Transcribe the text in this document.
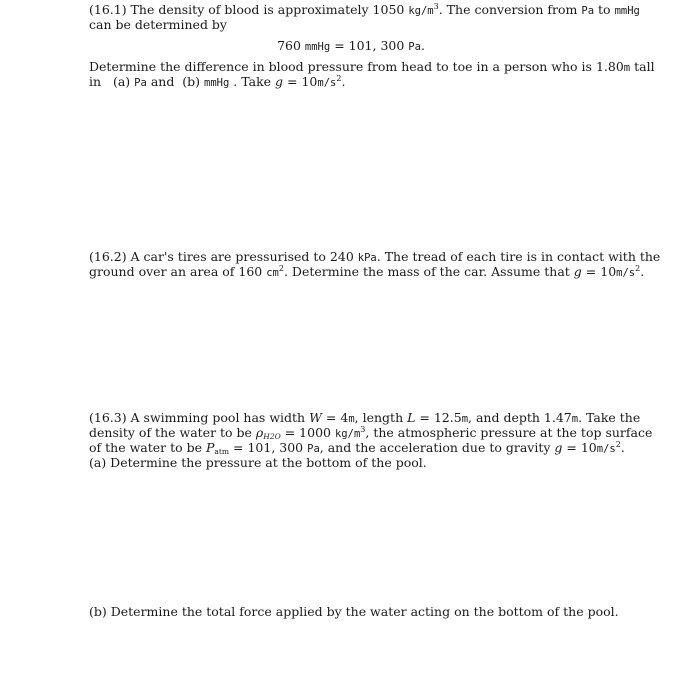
(16.1) The density of blood is approximately 1050 $kg/m^3$. The conversion from Pa to mmHg
can be determined by
760 mmHg = 101, 300 Pa.
Determine the difference in blood pressure from head to toe in a person who is 1.80m tall
in   (a) Pa and  (b) mmHg . Take $g = 10m/s^2$.
(16.2) A car's tires are pressurised to 240 kPa. The tread of each tire is in contact with the
ground over an area of 160 $cm^2$. Determine the mass of the car. Assume that $g = 10m/s^2$.
(16.3) A swimming pool has width W = 4m, length L = 12.5m, and depth 1.47m. Take the
density of the water to be $\rho_{H2O} = 1000$ $kg/m^3$, the atmospheric pressure at the top surface
of the water to be $P_{atm} = 101$, 300 Pa, and the acceleration due to gravity $g = 10m/s^2$.
(a) Determine the pressure at the bottom of the pool.
(b) Determine the total force applied by the water acting on the bottom of the pool.
